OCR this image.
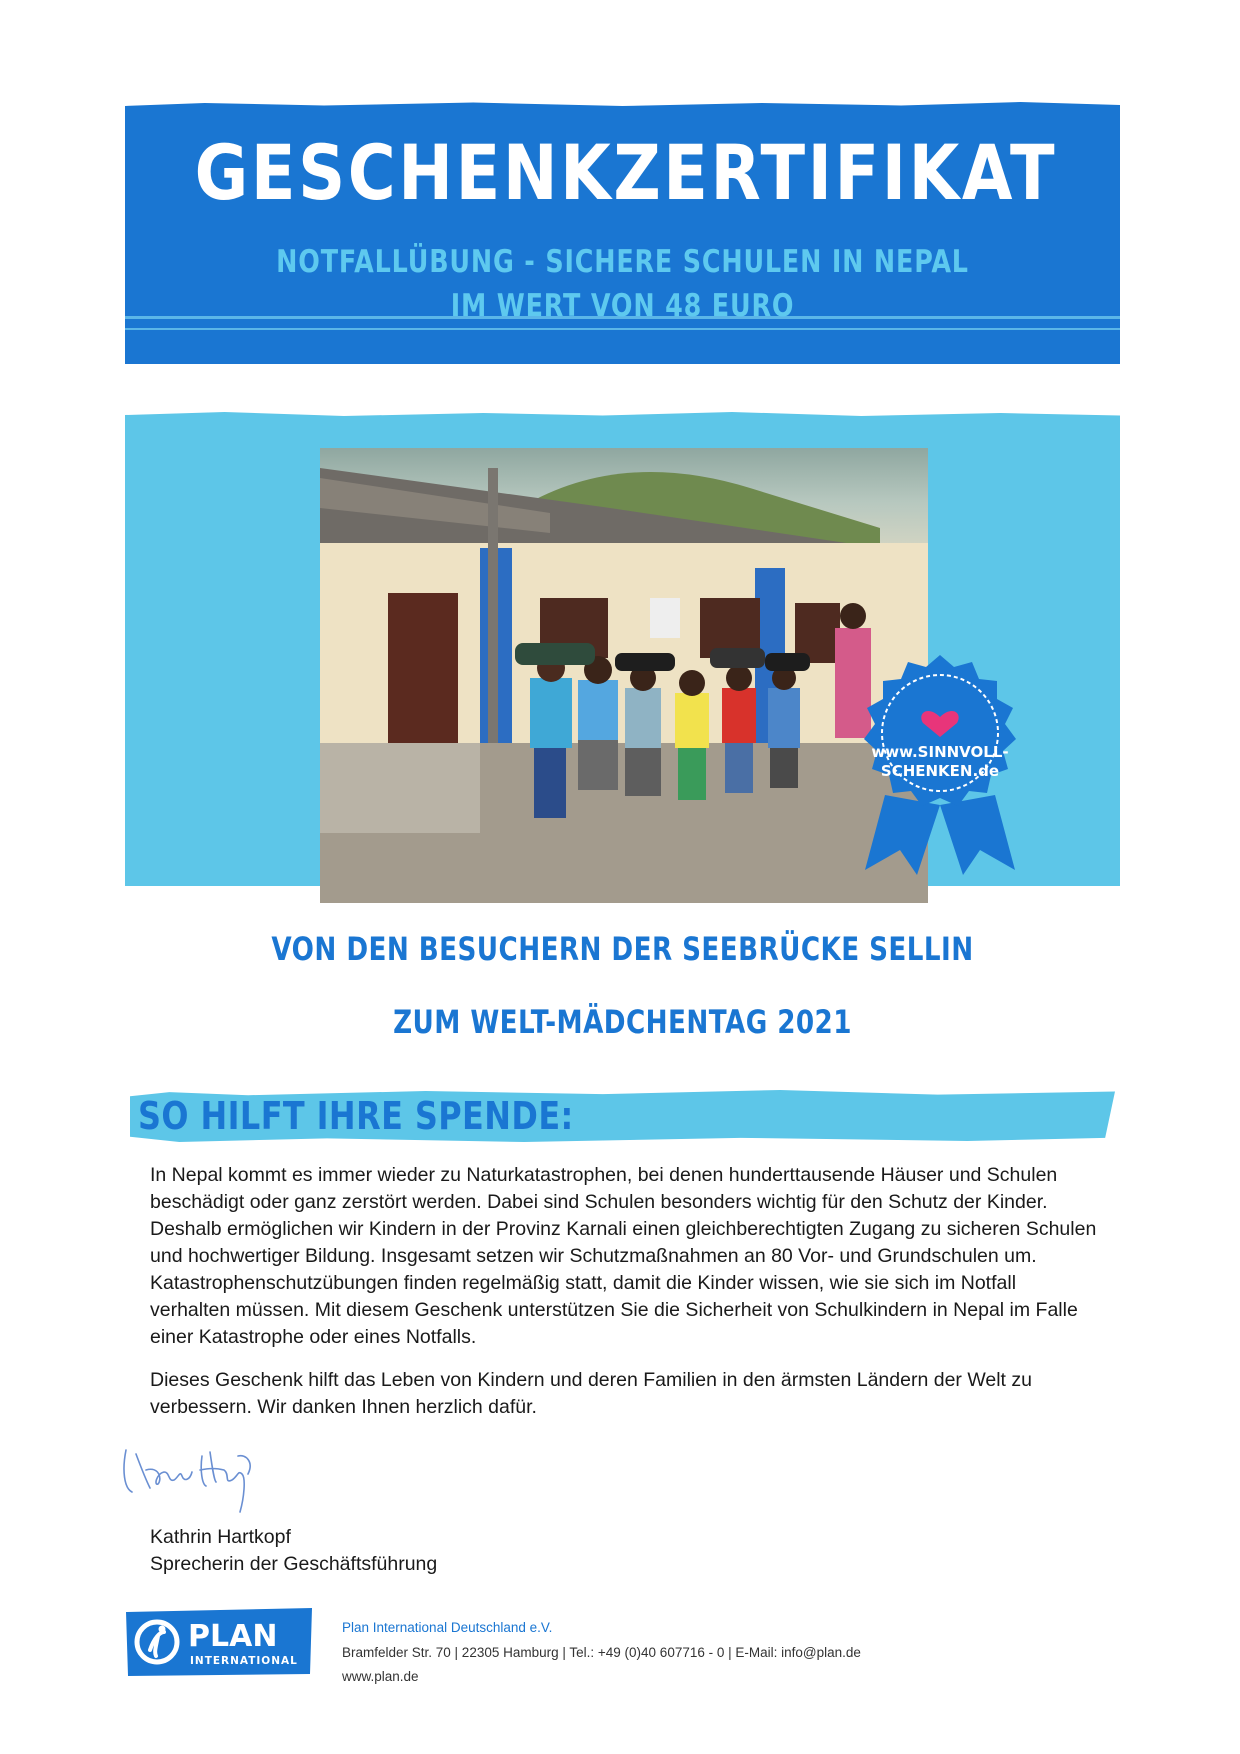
GESCHENKZERTIFIKAT
NOTFALLÜBUNG - SICHERE SCHULEN IN NEPAL
IM WERT VON 48 EURO
www.SINNVOLL-
SCHENKEN.de
VON DEN BESUCHERN DER SEEBRÜCKE SELLIN
ZUM WELT-MÄDCHENTAG 2021
SO HILFT IHRE SPENDE:

In Nepal kommt es immer wieder zu Naturkatastrophen, bei denen hunderttausende Häuser und Schulen beschädigt oder ganz zerstört werden. Dabei sind Schulen besonders wichtig für den Schutz der Kinder. Deshalb ermöglichen wir Kindern in der Provinz Karnali einen gleichberechtigten Zugang zu sicheren Schulen und hochwertiger Bildung. Insgesamt setzen wir Schutzmaßnahmen an 80 Vor- und Grundschulen um. Katastrophenschutzübungen finden regelmäßig statt, damit die Kinder wissen, wie sie sich im Notfall verhalten müssen. Mit diesem Geschenk unterstützen Sie die Sicherheit von Schulkindern in Nepal im Falle einer Katastrophe oder eines Notfalls.

Dieses Geschenk hilft das Leben von Kindern und deren Familien in den ärmsten Ländern der Welt zu verbessern. Wir danken Ihnen herzlich dafür.

Kathrin Hartkopf
Sprecherin der Geschäftsführung
PLAN
INTERNATIONAL
Plan International Deutschland e.V.
Bramfelder Str. 70 | 22305 Hamburg | Tel.: +49 (0)40 607716 - 0 | E-Mail: info@plan.de
www.plan.de
